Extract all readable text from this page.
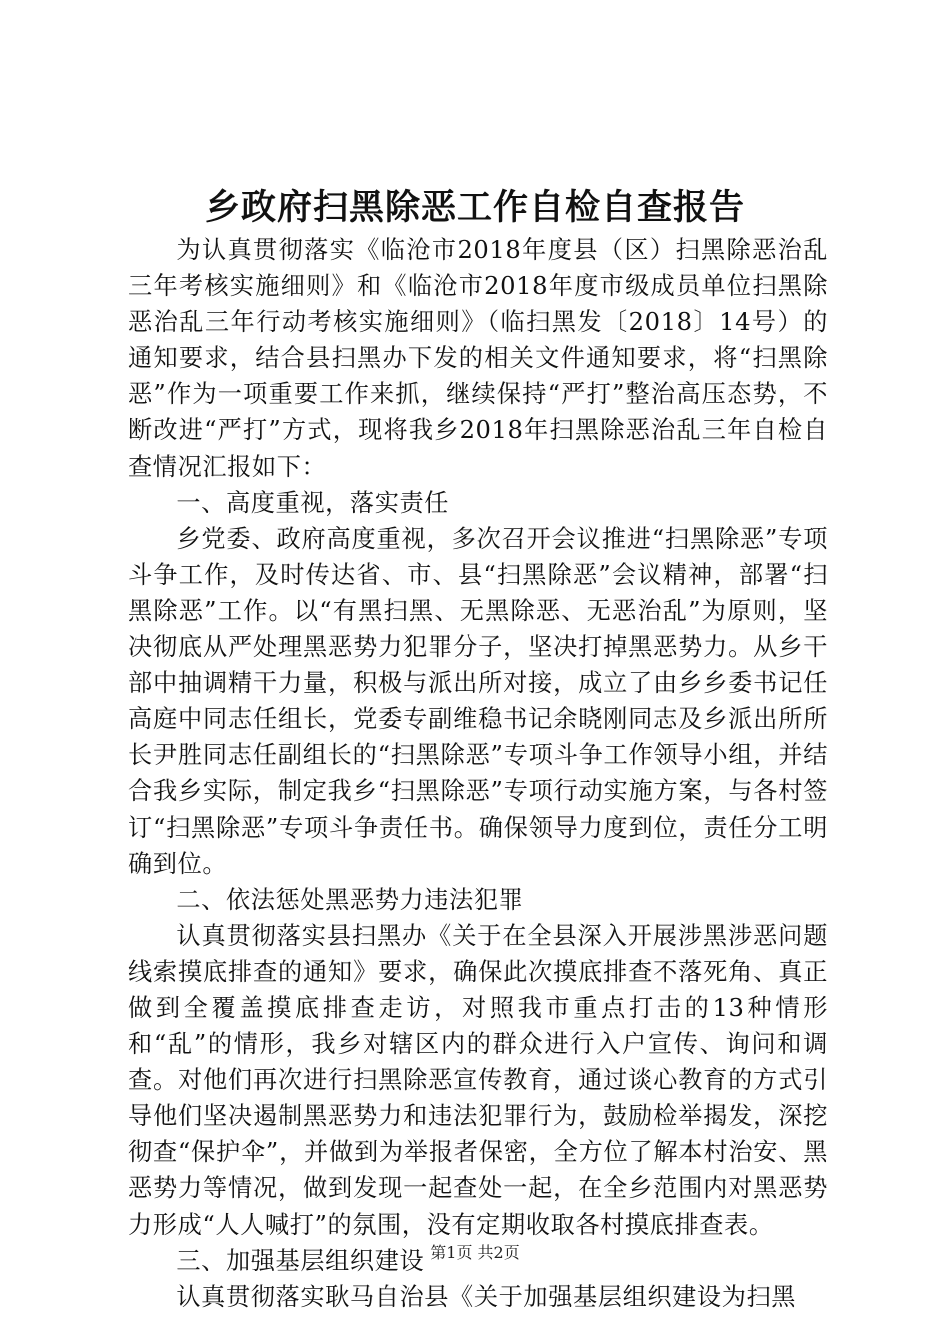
乡政府扫黑除恶工作自检自查报告

为认真贯彻落实《临沧市2018年度县（区）扫黑除恶治乱三年考核实施细则》和《临沧市2018年度市级成员单位扫黑除恶治乱三年行动考核实施细则》（临扫黑发〔2018〕14号）的通知要求，结合县扫黑办下发的相关文件通知要求，将“扫黑除恶”作为一项重要工作来抓，继续保持“严打”整治高压态势，不断改进“严打”方式，现将我乡2018年扫黑除恶治乱三年自检自查情况汇报如下：

一、高度重视，落实责任

乡党委、政府高度重视，多次召开会议推进“扫黑除恶”专项斗争工作，及时传达省、市、县“扫黑除恶”会议精神，部署“扫黑除恶”工作。以“有黑扫黑、无黑除恶、无恶治乱”为原则，坚决彻底从严处理黑恶势力犯罪分子，坚决打掉黑恶势力。从乡干部中抽调精干力量，积极与派出所对接，成立了由乡乡委书记任高庭中同志任组长，党委专副维稳书记余晓刚同志及乡派出所所长尹胜同志任副组长的“扫黑除恶”专项斗争工作领导小组，并结合我乡实际，制定我乡“扫黑除恶”专项行动实施方案，与各村签订“扫黑除恶”专项斗争责任书。确保领导力度到位，责任分工明确到位。

二、依法惩处黑恶势力违法犯罪

认真贯彻落实县扫黑办《关于在全县深入开展涉黑涉恶问题线索摸底排查的通知》要求，确保此次摸底排查不落死角、真正做到全覆盖摸底排查走访，对照我市重点打击的13种情形和“乱”的情形，我乡对辖区内的群众进行入户宣传、询问和调查。对他们再次进行扫黑除恶宣传教育，通过谈心教育的方式引导他们坚决遏制黑恶势力和违法犯罪行为，鼓励检举揭发，深挖彻查“保护伞”，并做到为举报者保密，全方位了解本村治安、黑恶势力等情况，做到发现一起查处一起，在全乡范围内对黑恶势力形成“人人喊打”的氛围，没有定期收取各村摸底排查表。

三、加强基层组织建设

认真贯彻落实耿马自治县《关于加强基层组织建设为扫黑

第1页 共2页
